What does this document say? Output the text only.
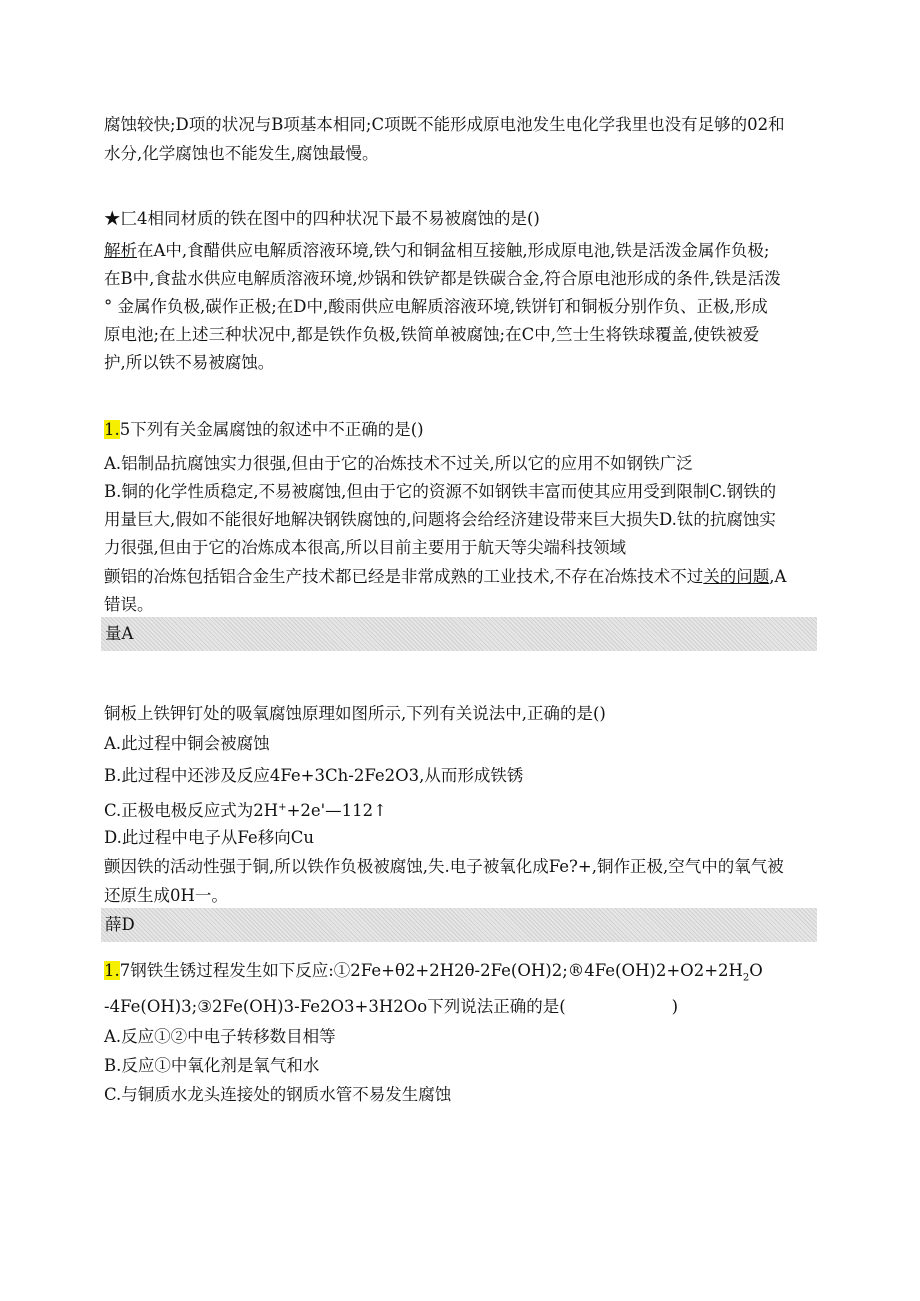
腐蚀较快;D项的状况与B项基本相同;C项既不能形成原电池发生电化学我里也没有足够的02和
水分,化学腐蚀也不能发生,腐蚀最慢。
★匚4相同材质的铁在图中的四种状况下最不易被腐蚀的是()
解析在A中,食醋供应电解质溶液环境,铁勺和铜盆相互接触,形成原电池,铁是活泼金属作负极;
在B中,食盐水供应电解质溶液环境,炒锅和铁铲都是铁碳合金,符合原电池形成的条件,铁是活泼
° 金属作负极,碳作正极;在D中,酸雨供应电解质溶液环境,铁饼钉和铜板分别作负、正极,形成
原电池;在上述三种状况中,都是铁作负极,铁简单被腐蚀;在C中,竺士生将铁球覆盖,使铁被爱
护,所以铁不易被腐蚀。
1.5下列有关金属腐蚀的叙述中不正确的是()
A.铝制品抗腐蚀实力很强,但由于它的冶炼技术不过关,所以它的应用不如钢铁广泛
B.铜的化学性质稳定,不易被腐蚀,但由于它的资源不如钢铁丰富而使其应用受到限制C.钢铁的
用量巨大,假如不能很好地解决钢铁腐蚀的,问题将会给经济建设带来巨大损失D.钛的抗腐蚀实
力很强,但由于它的冶炼成本很高,所以目前主要用于航天等尖端科技领域
颤铝的冶炼包括铝合金生产技术都已经是非常成熟的工业技术,不存在冶炼技术不过关的问题,A
错误。
量A
铜板上铁钾钉处的吸氧腐蚀原理如图所示,下列有关说法中,正确的是()
A.此过程中铜会被腐蚀
B.此过程中还涉及反应4Fe+3Ch-2Fe2O3,从而形成铁锈
C.正极电极反应式为2H++2e'—112↑
D.此过程中电子从Fe移向Cu
颤因铁的活动性强于铜,所以铁作负极被腐蚀,失.电子被氧化成Fe?+,铜作正极,空气中的氧气被
还原生成0H一。
薛D
1.7钢铁生锈过程发生如下反应$:①2Fe+\theta 2+2H2\theta-2Fe(OH)2;®4Fe(OH)2+O2+2H_2O$
-4Fe(OH)3;③2Fe(OH)3-Fe2O3+3H2Oo下列说法正确的是(	)
A.反应①②中电子转移数目相等
B.反应①中氧化剂是氧气和水
C.与铜质水龙头连接处的钢质水管不易发生腐蚀
